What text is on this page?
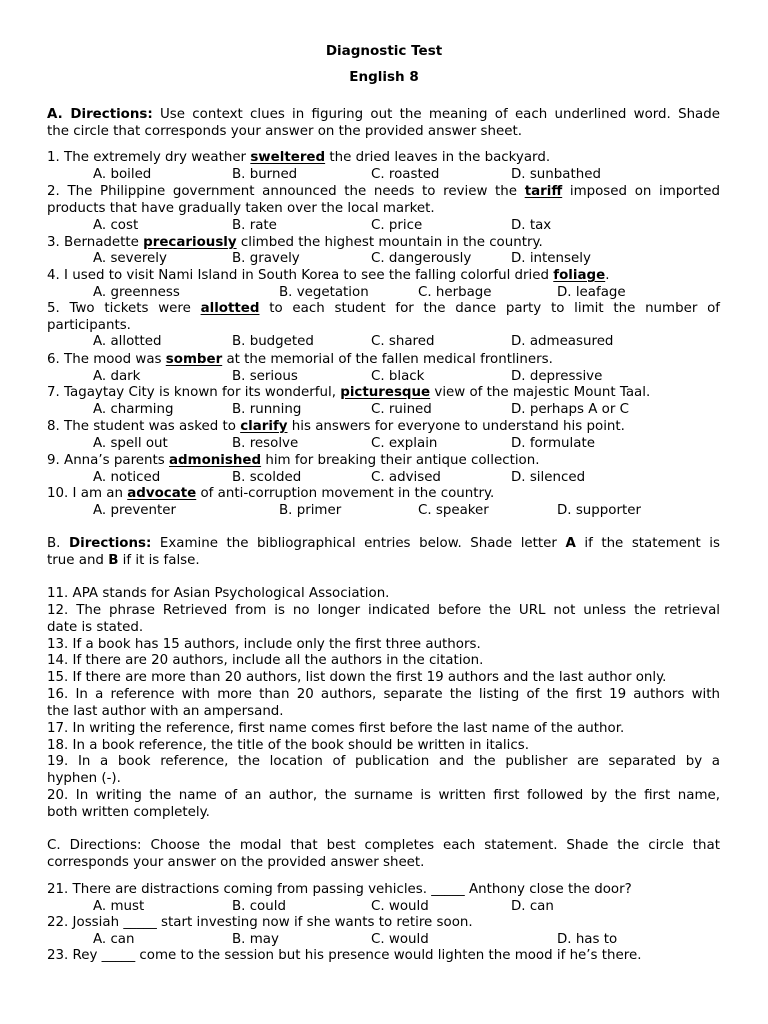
Diagnostic Test
English 8
A. Directions: Use context clues in figuring out the meaning of each underlined word. Shade
the circle that corresponds your answer on the provided answer sheet.
1. The extremely dry weather sweltered the dried leaves in the backyard.
A. boiled	B. burned	C. roasted	D. sunbathed
2. The Philippine government announced the needs to review the tariff imposed on imported
products that have gradually taken over the local market.
A. cost	B. rate	C. price	D. tax
3. Bernadette precariously climbed the highest mountain in the country.
A. severely	B. gravely	C. dangerously	D. intensely
4. I used to visit Nami Island in South Korea to see the falling colorful dried foliage.
A. greenness	B. vegetation	C. herbage	D. leafage
5. Two tickets were allotted to each student for the dance party to limit the number of
participants.
A. allotted	B. budgeted	C. shared	D. admeasured
6. The mood was somber at the memorial of the fallen medical frontliners.
A. dark	B. serious	C. black	D. depressive
7. Tagaytay City is known for its wonderful, picturesque view of the majestic Mount Taal.
A. charming	B. running	C. ruined	D. perhaps A or C
8. The student was asked to clarify his answers for everyone to understand his point.
A. spell out	B. resolve	C. explain	D. formulate
9. Anna’s parents admonished him for breaking their antique collection.
A. noticed	B. scolded	C. advised	D. silenced
10. I am an advocate of anti-corruption movement in the country.
A. preventer	B. primer	C. speaker	D. supporter
B. Directions: Examine the bibliographical entries below. Shade letter A if the statement is
true and B if it is false.
11. APA stands for Asian Psychological Association.
12. The phrase Retrieved from is no longer indicated before the URL not unless the retrieval
date is stated.
13. If a book has 15 authors, include only the first three authors.
14. If there are 20 authors, include all the authors in the citation.
15. If there are more than 20 authors, list down the first 19 authors and the last author only.
16. In a reference with more than 20 authors, separate the listing of the first 19 authors with
the last author with an ampersand.
17. In writing the reference, first name comes first before the last name of the author.
18. In a book reference, the title of the book should be written in italics.
19. In a book reference, the location of publication and the publisher are separated by a
hyphen (-).
20. In writing the name of an author, the surname is written first followed by the first name,
both written completely.
C. Directions: Choose the modal that best completes each statement. Shade the circle that
corresponds your answer on the provided answer sheet.
21. There are distractions coming from passing vehicles. _____ Anthony close the door?
A. must	B. could	C. would	D. can
22. Jossiah _____ start investing now if she wants to retire soon.
A. can	B. may	C. would	D. has to
23. Rey _____ come to the session but his presence would lighten the mood if he’s there.
